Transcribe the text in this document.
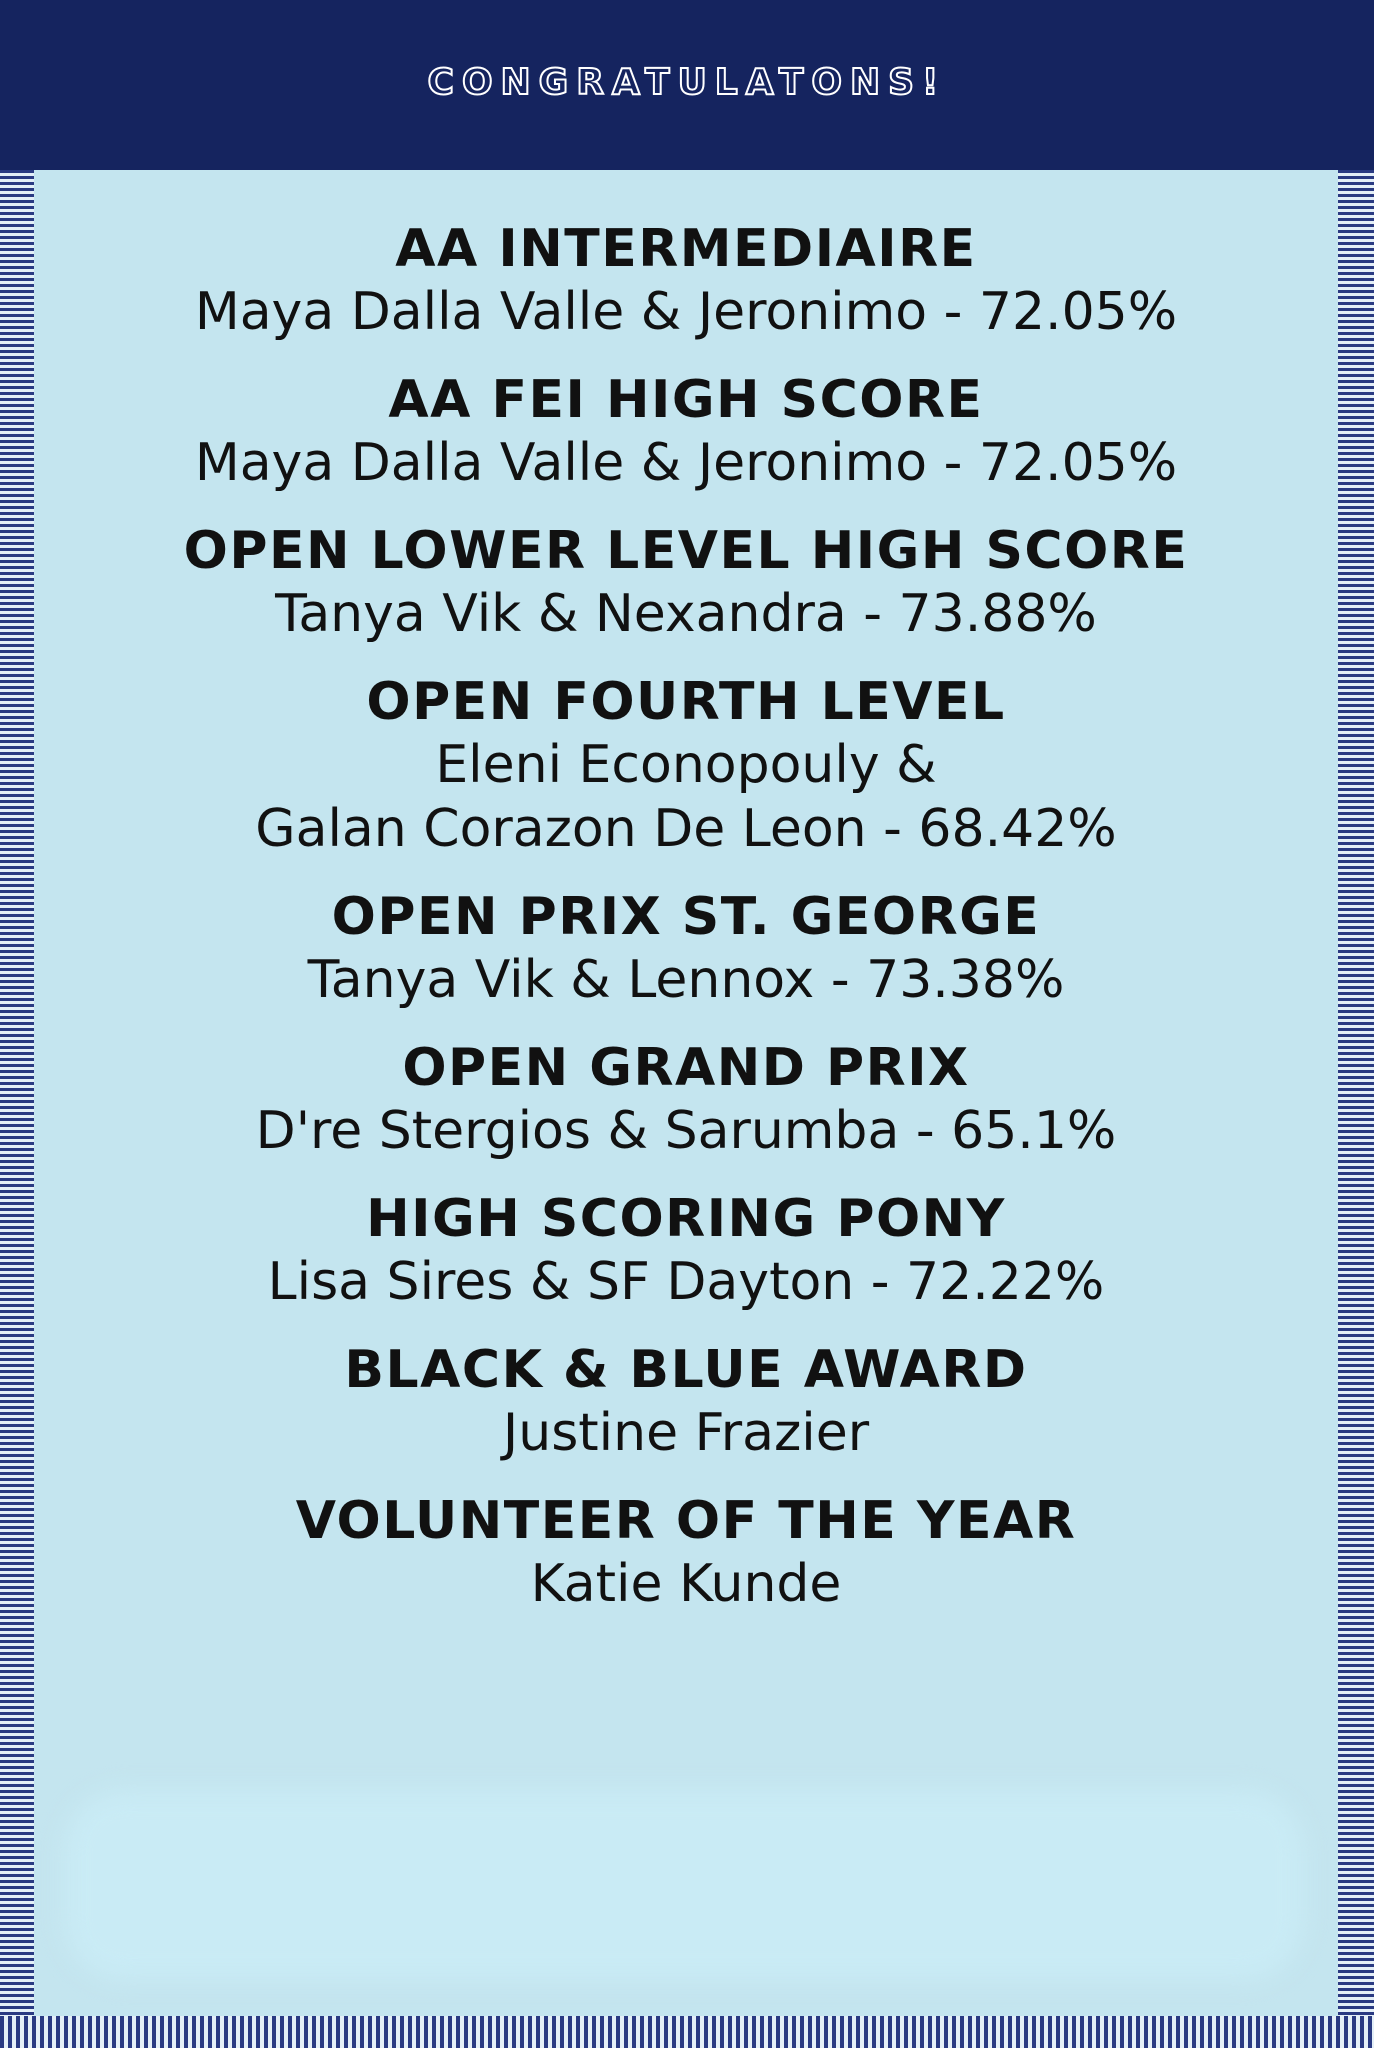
CONGRATULATONS!
AA INTERMEDIAIRE
Maya Dalla Valle & Jeronimo - 72.05%
AA FEI HIGH SCORE
Maya Dalla Valle & Jeronimo - 72.05%
OPEN LOWER LEVEL HIGH SCORE
Tanya Vik & Nexandra - 73.88%
OPEN FOURTH LEVEL
Eleni Econopouly &
Galan Corazon De Leon - 68.42%
OPEN PRIX ST. GEORGE
Tanya Vik & Lennox - 73.38%
OPEN GRAND PRIX
D're Stergios & Sarumba - 65.1%
HIGH SCORING PONY
Lisa Sires & SF Dayton - 72.22%
BLACK & BLUE AWARD
Justine Frazier
VOLUNTEER OF THE YEAR
Katie Kunde
